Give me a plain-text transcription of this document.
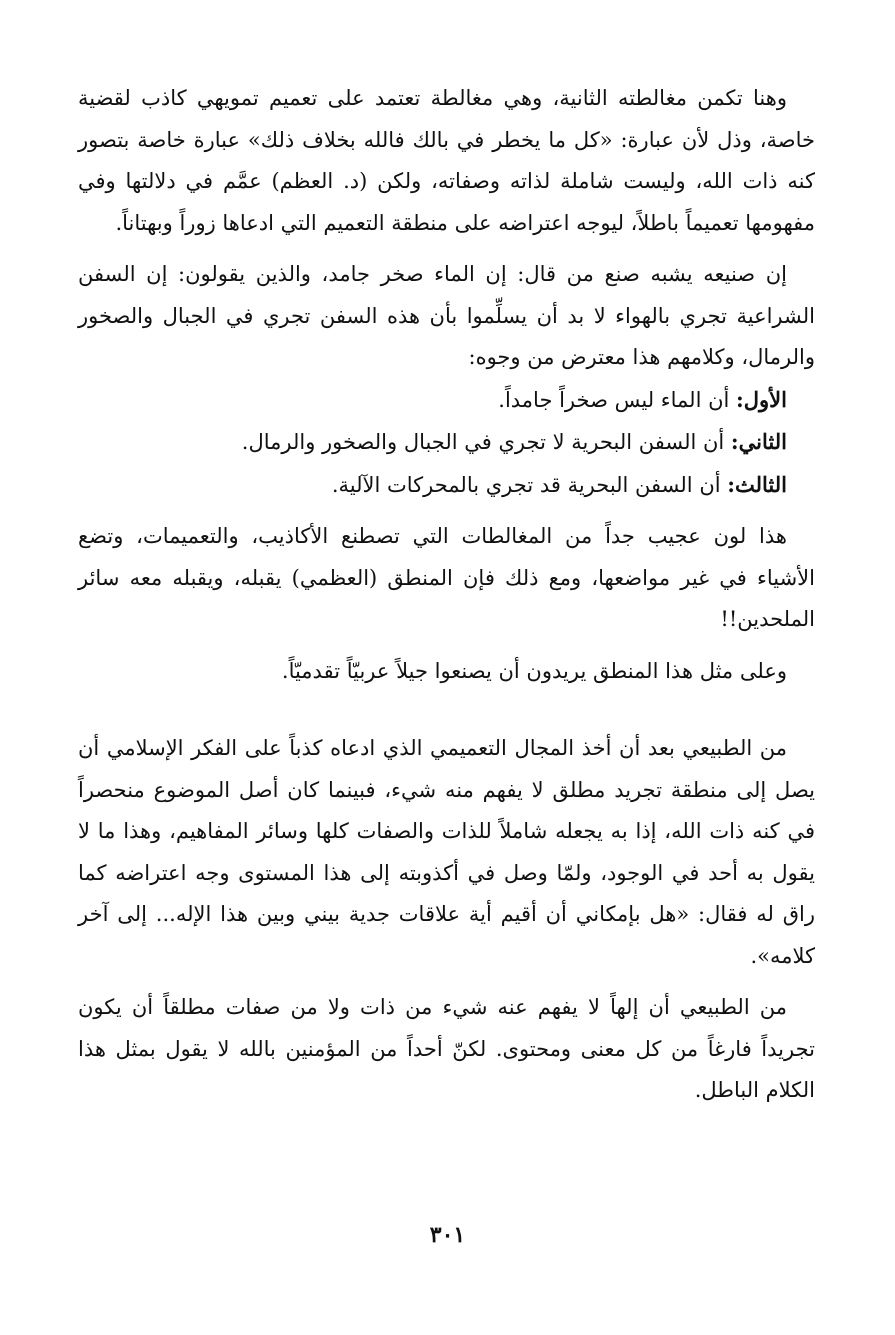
وهنا تكمن مغالطته الثانية، وهي مغالطة تعتمد على تعميم تمويهي كاذب لقضية خاصة، وذل لأن عبارة: «كل ما يخطر في بالك فالله بخلاف ذلك» عبارة خاصة بتصور كنه ذات الله، وليست شاملة لذاته وصفاته، ولكن (د. العظم) عمَّم في دلالتها وفي مفهومها تعميماً باطلاً، ليوجه اعتراضه على منطقة التعميم التي ادعاها زوراً وبهتاناً.

إن صنيعه يشبه صنع من قال: إن الماء صخر جامد، والذين يقولون: إن السفن الشراعية تجري بالهواء لا بد أن يسلِّموا بأن هذه السفن تجري في الجبال والصخور والرمال، وكلامهم هذا معترض من وجوه:

الأول: أن الماء ليس صخراً جامداً.

الثاني: أن السفن البحرية لا تجري في الجبال والصخور والرمال.

الثالث: أن السفن البحرية قد تجري بالمحركات الآلية.

هذا لون عجيب جداً من المغالطات التي تصطنع الأكاذيب، والتعميمات، وتضع الأشياء في غير مواضعها، ومع ذلك فإن المنطق (العظمي) يقبله، ويقبله معه سائر الملحدين!!

وعلى مثل هذا المنطق يريدون أن يصنعوا جيلاً عربيّاً تقدميّاً.

من الطبيعي بعد أن أخذ المجال التعميمي الذي ادعاه كذباً على الفكر الإسلامي أن يصل إلى منطقة تجريد مطلق لا يفهم منه شيء، فبينما كان أصل الموضوع منحصراً في كنه ذات الله، إذا به يجعله شاملاً للذات والصفات كلها وسائر المفاهيم، وهذا ما لا يقول به أحد في الوجود، ولمّا وصل في أكذوبته إلى هذا المستوى وجه اعتراضه كما راق له فقال: «هل بإمكاني أن أقيم أية علاقات جدية بيني وبين هذا الإله... إلى آخر كلامه».

من الطبيعي أن إلهاً لا يفهم عنه شيء من ذات ولا من صفات مطلقاً أن يكون تجريداً فارغاً من كل معنى ومحتوى. لكنّ أحداً من المؤمنين بالله لا يقول بمثل هذا الكلام الباطل.

٣٠١
